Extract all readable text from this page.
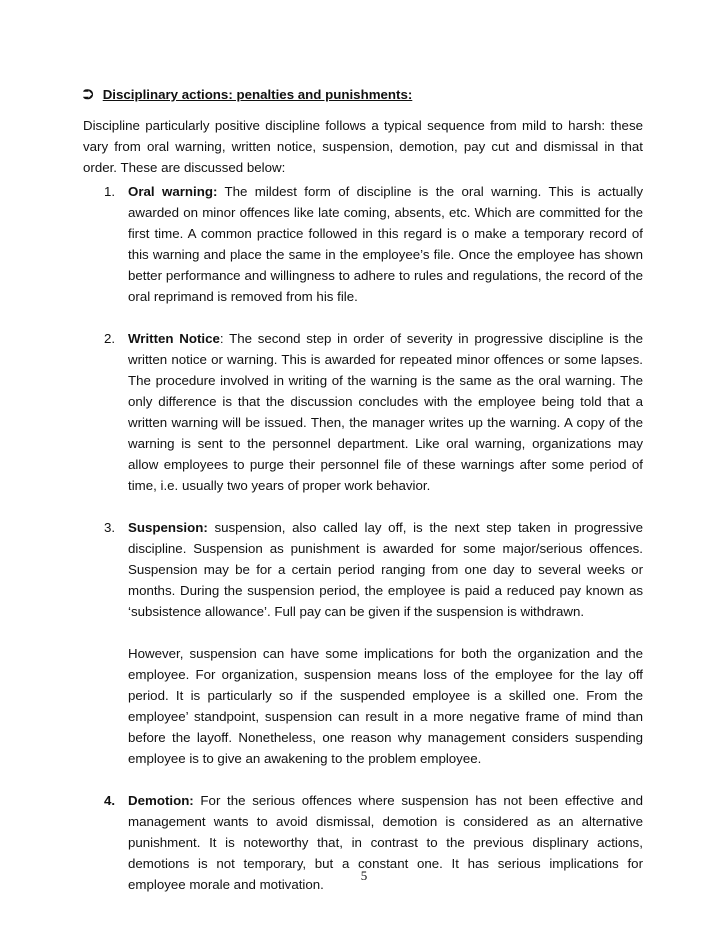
⮊ Disciplinary actions: penalties and punishments:
Discipline particularly positive discipline follows a typical sequence from mild to harsh: these vary from oral warning, written notice, suspension, demotion, pay cut and dismissal in that order. These are discussed below:
1. Oral warning: The mildest form of discipline is the oral warning. This is actually awarded on minor offences like late coming, absents, etc. Which are committed for the first time. A common practice followed in this regard is o make a temporary record of this warning and place the same in the employee’s file. Once the employee has shown better performance and willingness to adhere to rules and regulations, the record of the oral reprimand is removed from his file.

2. Written Notice: The second step in order of severity in progressive discipline is the written notice or warning. This is awarded for repeated minor offences or some lapses. The procedure involved in writing of the warning is the same as the oral warning. The only difference is that the discussion concludes with the employee being told that a written warning will be issued. Then, the manager writes up the warning. A copy of the warning is sent to the personnel department. Like oral warning, organizations may allow employees to purge their personnel file of these warnings after some period of time, i.e. usually two years of proper work behavior.

3. Suspension: suspension, also called lay off, is the next step taken in progressive discipline. Suspension as punishment is awarded for some major/serious offences. Suspension may be for a certain period ranging from one day to several weeks or months. During the suspension period, the employee is paid a reduced pay known as ‘subsistence allowance’. Full pay can be given if the suspension is withdrawn.

However, suspension can have some implications for both the organization and the employee. For organization, suspension means loss of the employee for the lay off period. It is particularly so if the suspended employee is a skilled one. From the employee’ standpoint, suspension can result in a more negative frame of mind than before the layoff. Nonetheless, one reason why management considers suspending employee is to give an awakening to the problem employee.

4. Demotion: For the serious offences where suspension has not been effective and management wants to avoid dismissal, demotion is considered as an alternative punishment. It is noteworthy that, in contrast to the previous displinary actions, demotions is not temporary, but a constant one. It has serious implications for employee morale and motivation.

5
